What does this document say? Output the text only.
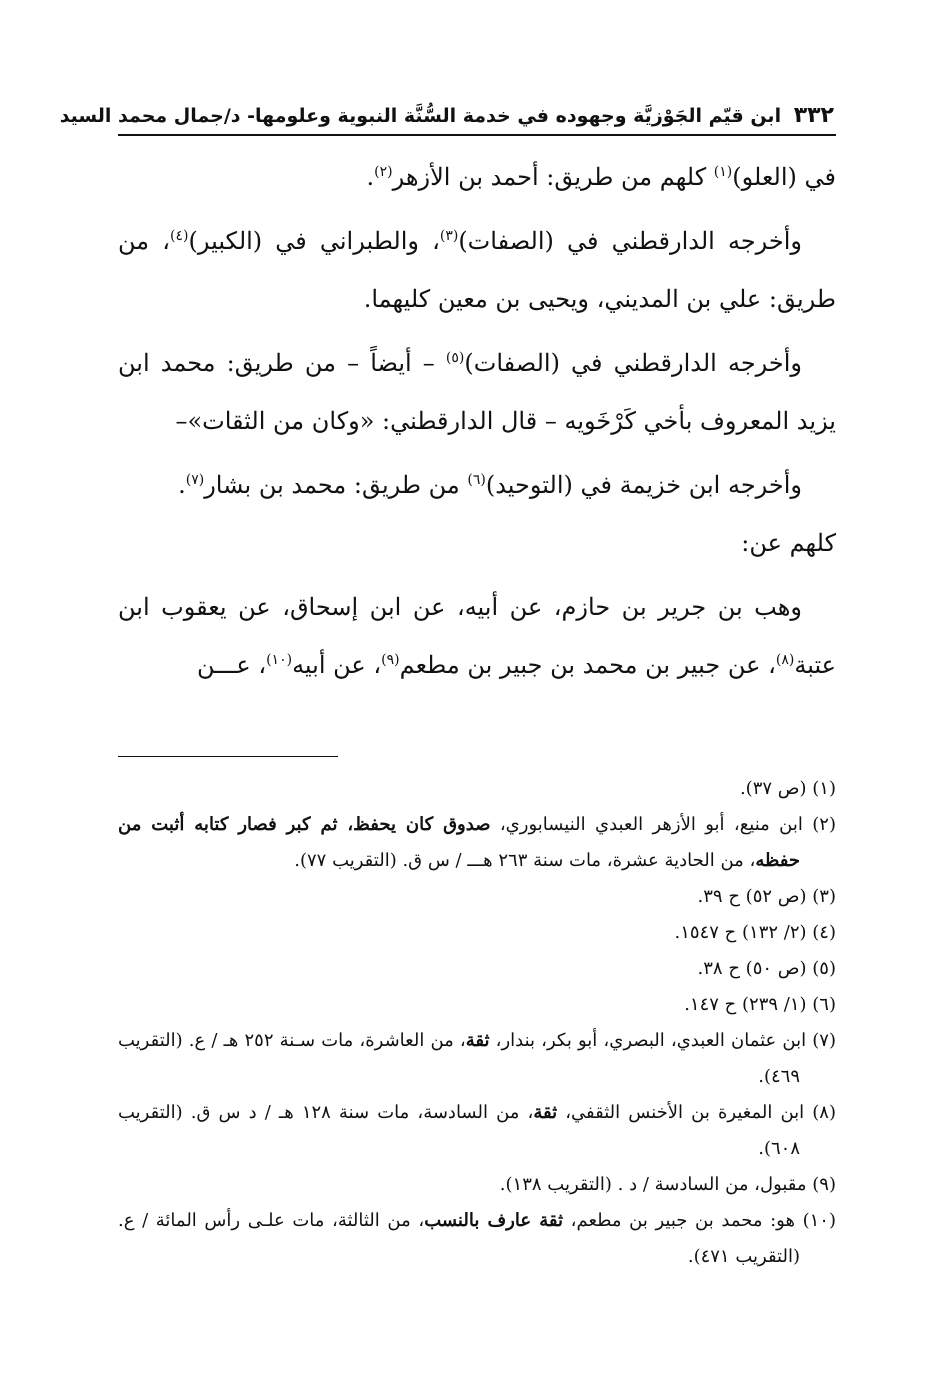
٣٣٢ ابن قيّم الجَوْزيَّة وجهوده في خدمة السُّنَّة النبوية وعلومها- د/جمال محمد السيد

في (العلو)$^{(١)}$ كلهم من طريق: أحمد بن الأزهر$^{(٢)}$.

وأخرجه الدارقطني في (الصفات)$^{(٣)}$، والطبراني في (الكبير)$^{(٤)}$، من طريق: علي بن المديني، ويحيى بن معين كليهما.

وأخرجه الدارقطني في (الصفات)$^{(٥)}$ – أيضاً – من طريق: محمد ابن يزيد المعروف بأخي كَرْخَويه – قال الدارقطني: «وكان من الثقات»–

وأخرجه ابن خزيمة في (التوحيد)$^{(٦)}$ من طريق: محمد بن بشار$^{(٧)}$.

كلهم عن:

وهب بن جرير بن حازم، عن أبيه، عن ابن إسحاق، عن يعقوب ابن عتبة$^{(٨)}$، عن جبير بن محمد بن جبير بن مطعم$^{(٩)}$، عن أبيه$^{(١٠)}$، عـــن

(١) (ص ٣٧).

(٢) ابن منيع، أبو الأزهر العبدي النيسابوري، صدوق كان يحفظ، ثم كبر فصار كتابه أثبت من حفظه، من الحادية عشرة، مات سنة ٢٦٣ هـــ / س ق. (التقريب ٧٧).

(٣) (ص ٥٢) ح ٣٩.

(٤) (٢/ ١٣٢) ح ١٥٤٧.

(٥) (ص ٥٠) ح ٣٨.

(٦) (١/ ٢٣٩) ح ١٤٧.

(٧) ابن عثمان العبدي، البصري، أبو بكر، بندار، ثقة، من العاشرة، مات سـنة ٢٥٢ هـ / ع. (التقريب ٤٦٩).

(٨) ابن المغيرة بن الأخنس الثقفي، ثقة، من السادسة، مات سنة ١٢٨ هـ / د س ق. (التقريب ٦٠٨).

(٩) مقبول، من السادسة / د . (التقريب ١٣٨).

(١٠) هو: محمد بن جبير بن مطعم، ثقة عارف بالنسب، من الثالثة، مات علـى رأس المائة / ع. (التقريب ٤٧١).
